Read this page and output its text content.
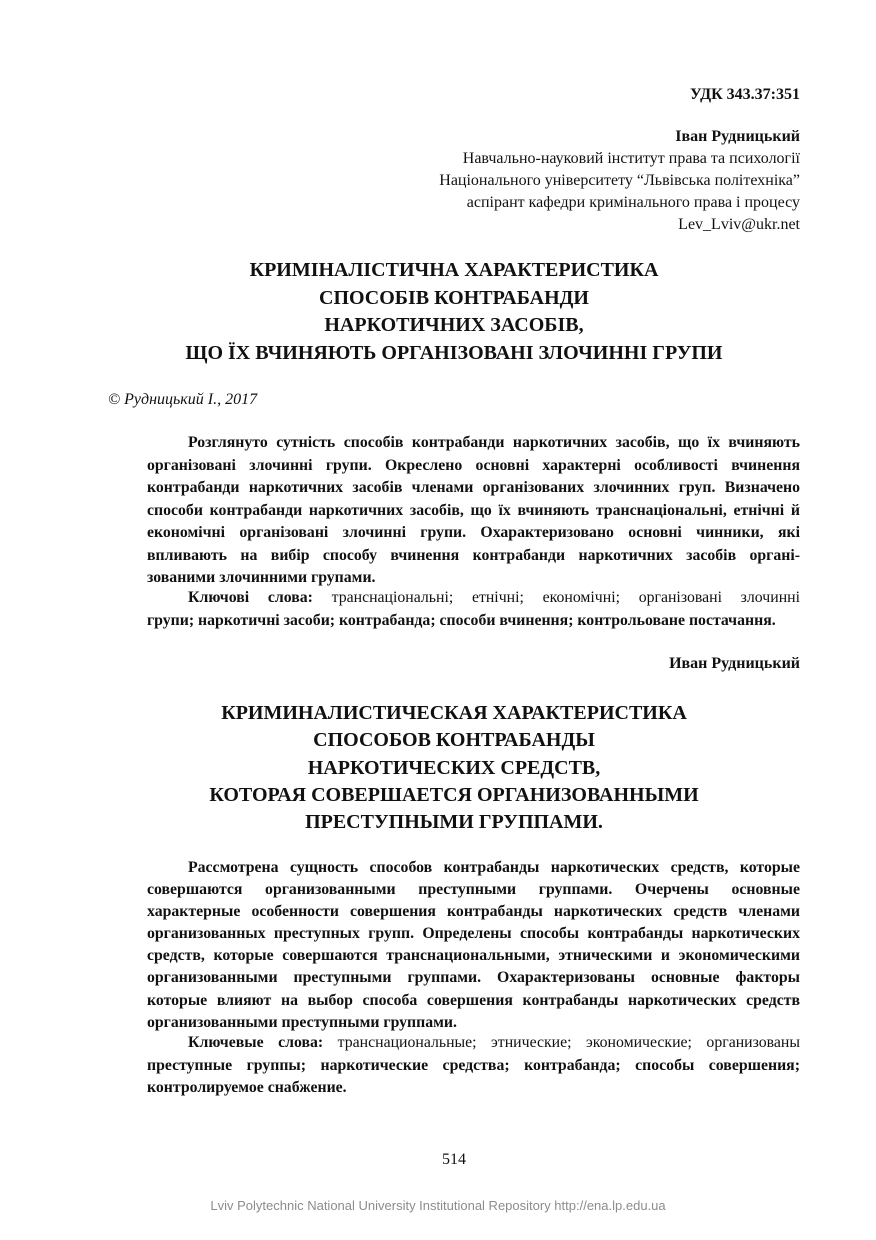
УДК 343.37:351
Іван Рудницький
Навчально-науковий інститут права та психології
Національного університету “Львівська політехніка”
аспірант кафедри кримінального права і процесу
Lev_Lviv@ukr.net
КРИМІНАЛІСТИЧНА ХАРАКТЕРИСТИКА
СПОСОБІВ КОНТРАБАНДИ
НАРКОТИЧНИХ ЗАСОБІВ,
ЩО ЇХ ВЧИНЯЮТЬ ОРГАНІЗОВАНІ ЗЛОЧИННІ ГРУПИ
© Рудницький І., 2017
Розглянуто сутність способів контрабанди наркотичних засобів, що їх вчиняють
організовані злочинні групи. Окреслено основні характерні особливості вчинення
контрабанди наркотичних засобів членами організованих злочинних груп. Визначено
способи контрабанди наркотичних засобів, що їх вчиняють транснаціональні, етнічні й
економічні організовані злочинні групи. Охарактеризовано основні чинники, які
впливають на вибір способу вчинення контрабанди наркотичних засобів органі-
зованими злочинними групами.
Ключові слова: транснаціональні; етнічні; економічні; організовані злочинні
групи; наркотичні засоби; контрабанда; способи вчинення; контрольоване постачання.
Иван Рудницький
КРИМИНАЛИСТИЧЕСКАЯ ХАРАКТЕРИСТИКА
СПОСОБОВ КОНТРАБАНДЫ
НАРКОТИЧЕСКИХ СРЕДСТВ,
КОТОРАЯ СОВЕРШАЕТСЯ ОРГАНИЗОВАННЫМИ
ПРЕСТУПНЫМИ ГРУППАМИ.
Рассмотрена сущность способов контрабанды наркотических средств, которые
совершаются организованными преступными группами. Очерчены основные
характерные особенности совершения контрабанды наркотических средств членами
организованных преступных групп. Определены способы контрабанды наркотических
средств, которые совершаются транснациональными, этническими и экономическими
организованными преступными группами. Охарактеризованы основные факторы
которые влияют на выбор способа совершения контрабанды наркотических средств
организованными преступными группами.
Ключевые слова: транснациональные; этнические; экономические; организованы
преступные группы; наркотические средства; контрабанда; способы совершения;
контролируемое снабжение.
514
Lviv Polytechnic National University Institutional Repository http://ena.lp.edu.ua
